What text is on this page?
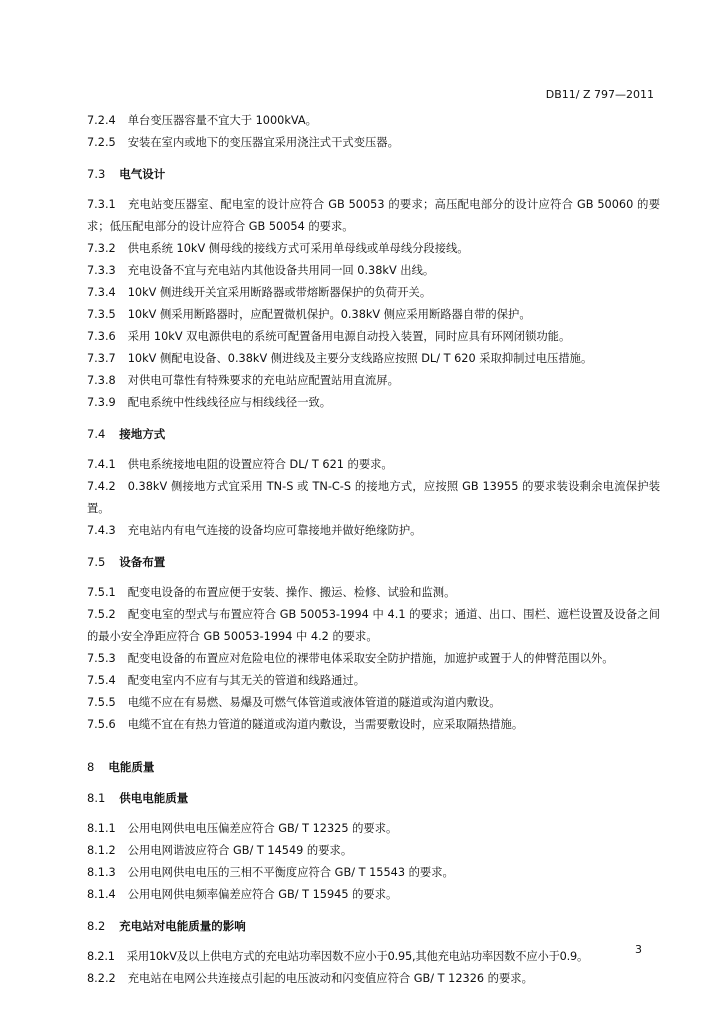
DB11/ Z 797—2011
7.2.4 单台变压器容量不宜大于 1000kVA。
7.2.5 安装在室内或地下的变压器宜采用浇注式干式变压器。
7.3 电气设计
7.3.1 充电站变压器室、配电室的设计应符合 GB 50053 的要求；高压配电部分的设计应符合 GB 50060 的要求；低压配电部分的设计应符合 GB 50054 的要求。
7.3.2 供电系统 10kV 侧母线的接线方式可采用单母线或单母线分段接线。
7.3.3 充电设备不宜与充电站内其他设备共用同一回 0.38kV 出线。
7.3.4 10kV 侧进线开关宜采用断路器或带熔断器保护的负荷开关。
7.3.5 10kV 侧采用断路器时，应配置微机保护。0.38kV 侧应采用断路器自带的保护。
7.3.6 采用 10kV 双电源供电的系统可配置备用电源自动投入装置，同时应具有环网闭锁功能。
7.3.7 10kV 侧配电设备、0.38kV 侧进线及主要分支线路应按照 DL/ T 620 采取抑制过电压措施。
7.3.8 对供电可靠性有特殊要求的充电站应配置站用直流屏。
7.3.9 配电系统中性线线径应与相线线径一致。
7.4 接地方式
7.4.1 供电系统接地电阻的设置应符合 DL/ T 621 的要求。
7.4.2 0.38kV 侧接地方式宜采用 TN-S 或 TN-C-S 的接地方式，应按照 GB 13955 的要求装设剩余电流保护装置。
7.4.3 充电站内有电气连接的设备均应可靠接地并做好绝缘防护。
7.5 设备布置
7.5.1 配变电设备的布置应便于安装、操作、搬运、检修、试验和监测。
7.5.2 配变电室的型式与布置应符合 GB 50053-1994 中 4.1 的要求；通道、出口、围栏、遮栏设置及设备之间的最小安全净距应符合 GB 50053-1994 中 4.2 的要求。
7.5.3 配变电设备的布置应对危险电位的裸带电体采取安全防护措施，加遮护或置于人的伸臂范围以外。
7.5.4 配变电室内不应有与其无关的管道和线路通过。
7.5.5 电缆不应在有易燃、易爆及可燃气体管道或液体管道的隧道或沟道内敷设。
7.5.6 电缆不宜在有热力管道的隧道或沟道内敷设，当需要敷设时，应采取隔热措施。
8 电能质量
8.1 供电电能质量
8.1.1 公用电网供电电压偏差应符合 GB/ T 12325 的要求。
8.1.2 公用电网谐波应符合 GB/ T 14549 的要求。
8.1.3 公用电网供电电压的三相不平衡度应符合 GB/ T 15543 的要求。
8.1.4 公用电网供电频率偏差应符合 GB/ T 15945 的要求。
8.2 充电站对电能质量的影响
8.2.1 采用10kV及以上供电方式的充电站功率因数不应小于0.95,其他充电站功率因数不应小于0.9。
8.2.2 充电站在电网公共连接点引起的电压波动和闪变值应符合 GB/ T 12326 的要求。
3
